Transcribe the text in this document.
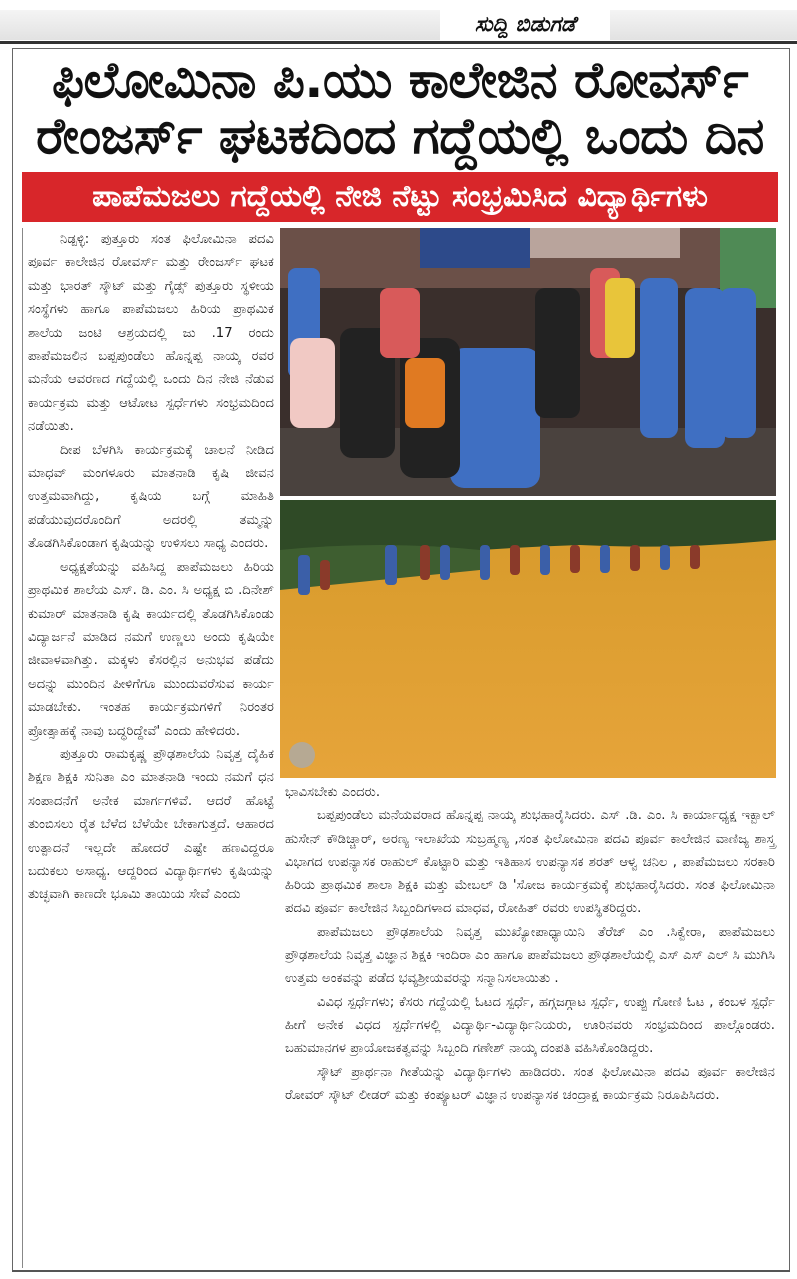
ಸುದ್ದಿ ಬಿಡುಗಡೆ
ಫಿಲೋಮಿನಾ ಪಿ.ಯು ಕಾಲೇಜಿನ ರೋವರ್ಸ್
ರೇಂಜರ್ಸ್ ಘಟಕದಿಂದ ಗದ್ದೆಯಲ್ಲಿ ಒಂದು ದಿನ
ಪಾಪೆಮಜಲು ಗದ್ದೆಯಲ್ಲಿ ನೇಜಿ ನೆಟ್ಟು ಸಂಭ್ರಮಿಸಿದ ವಿದ್ಯಾರ್ಥಿಗಳು

ನಿಡ್ಪಳ್ಳಿ: ಪುತ್ತೂರು ಸಂತ ಫಿಲೋಮಿನಾ ಪದವಿ ಪೂರ್ವ ಕಾಲೇಜಿನ ರೋವರ್ಸ್ ಮತ್ತು ರೇಂಜರ್ಸ್ ಘಟಕ ಮತ್ತು ಭಾರತ್ ಸ್ಕೌಟ್ ಮತ್ತು ಗೈಡ್ಸ್ ಪುತ್ತೂರು ಸ್ಥಳೀಯ ಸಂಸ್ಥೆಗಳು ಹಾಗೂ ಪಾಪೆಮಜಲು ಹಿರಿಯ ಪ್ರಾಥಮಿಕ ಶಾಲೆಯ ಜಂಟಿ ಆಶ್ರಯದಲ್ಲಿ ಜು .17 ರಂದು ಪಾಪೆಮಜಲಿನ ಬಪ್ಪಪುಂಡೆಲು ಹೊನ್ನಪ್ಪ ನಾಯ್ಕ ರವರ ಮನೆಯ ಆವರಣದ ಗದ್ದೆಯಲ್ಲಿ ಒಂದು ದಿನ ನೇಜಿ ನೆಡುವ ಕಾರ್ಯಕ್ರಮ ಮತ್ತು ಆಟೋಟ ಸ್ಪರ್ಧೆಗಳು ಸಂಭ್ರಮದಿಂದ ನಡೆಯಿತು.

ದೀಪ ಬೆಳಗಿಸಿ ಕಾರ್ಯಕ್ರಮಕ್ಕೆ ಚಾಲನೆ ನೀಡಿದ ಮಾಧವ್ ಮಂಗಳೂರು ಮಾತನಾಡಿ ಕೃಷಿ ಜೀವನ ಉತ್ತಮವಾಗಿದ್ದು, ಕೃಷಿಯ ಬಗ್ಗೆ ಮಾಹಿತಿ ಪಡೆಯುವುದರೊಂದಿಗೆ ಅದರಲ್ಲಿ ತಮ್ಮನ್ನು ತೊಡಗಿಸಿಕೊಂಡಾಗ ಕೃಷಿಯನ್ನು ಉಳಿಸಲು ಸಾಧ್ಯ ಎಂದರು.

ಅಧ್ಯಕ್ಷತೆಯನ್ನು ವಹಿಸಿದ್ದ ಪಾಪೆಮಜಲು ಹಿರಿಯ ಪ್ರಾಥಮಿಕ ಶಾಲೆಯ ಎಸ್. ಡಿ. ಎಂ. ಸಿ ಅಧ್ಯಕ್ಷ ಬಿ .ದಿನೇಶ್ ಕುಮಾರ್ ಮಾತನಾಡಿ ಕೃಷಿ ಕಾರ್ಯದಲ್ಲಿ ತೊಡಗಿಸಿಕೊಂಡು ವಿದ್ಯಾರ್ಜನೆ ಮಾಡಿದ ನಮಗೆ ಉಣ್ಣಲು ಅಂದು ಕೃಷಿಯೇ ಜೀವಾಳವಾಗಿತ್ತು. ಮಕ್ಕಳು ಕೆಸರಲ್ಲಿನ ಅನುಭವ ಪಡೆದು ಅದನ್ನು ಮುಂದಿನ ಪೀಳಿಗೆಗೂ ಮುಂದುವರೆಸುವ ಕಾರ್ಯ ಮಾಡಬೇಕು. ಇಂತಹ ಕಾರ್ಯಕ್ರಮಗಳಿಗೆ ನಿರಂತರ ಪ್ರೋತ್ಸಾಹಕ್ಕೆ ನಾವು ಬದ್ಧರಿದ್ದೇವೆ' ಎಂದು ಹೇಳಿದರು.

ಪುತ್ತೂರು ರಾಮಕೃಷ್ಣ ಪ್ರೌಢಶಾಲೆಯ ನಿವೃತ್ತ ದೈಹಿಕ ಶಿಕ್ಷಣ ಶಿಕ್ಷಕಿ ಸುನಿತಾ ಎಂ ಮಾತನಾಡಿ ಇಂದು ನಮಗೆ ಧನ ಸಂಪಾದನೆಗೆ ಅನೇಕ ಮಾರ್ಗಗಳಿವೆ. ಆದರೆ ಹೊಟ್ಟೆ ತುಂಬಿಸಲು ರೈತ ಬೆಳೆದ ಬೆಳೆಯೇ ಬೇಕಾಗುತ್ತದೆ. ಆಹಾರದ ಉತ್ಪಾದನೆ ಇಲ್ಲದೇ ಹೋದರೆ ಎಷ್ಟೇ ಹಣವಿದ್ದರೂ ಬದುಕಲು ಅಸಾಧ್ಯ. ಆದ್ದರಿಂದ ವಿದ್ಯಾರ್ಥಿಗಳು ಕೃಷಿಯನ್ನು ತುಚ್ಛವಾಗಿ ಕಾಣದೇ ಭೂಮಿ ತಾಯಿಯ ಸೇವೆ ಎಂದು

ಭಾವಿಸಬೇಕು ಎಂದರು.

ಬಪ್ಪಪುಂಡೆಲು ಮನೆಯವರಾದ ಹೊನ್ನಪ್ಪ ನಾಯ್ಕ ಶುಭಹಾರೈಸಿದರು. ಎಸ್ .ಡಿ. ಎಂ. ಸಿ ಕಾರ್ಯಾಧ್ಯಕ್ಷ ಇಕ್ಬಾಲ್ ಹುಸೇನ್ ಕೌಡಿಚ್ಚಾರ್, ಅರಣ್ಯ ಇಲಾಖೆಯ ಸುಬ್ರಹ್ಮಣ್ಯ ,ಸಂತ ಫಿಲೋಮಿನಾ ಪದವಿ ಪೂರ್ವ ಕಾಲೇಜಿನ ವಾಣಿಜ್ಯ ಶಾಸ್ತ್ರ ವಿಭಾಗದ ಉಪನ್ಯಾಸಕ ರಾಹುಲ್ ಕೊಟ್ಟಾರಿ ಮತ್ತು ಇತಿಹಾಸ ಉಪನ್ಯಾಸಕ ಶರತ್ ಆಳ್ವ ಚನಿಲ , ಪಾಪೆಮಜಲು ಸರಕಾರಿ ಹಿರಿಯ ಪ್ರಾಥಮಿಕ ಶಾಲಾ ಶಿಕ್ಷಕಿ ಮತ್ತು ಮೇಬಲ್ ಡಿ 'ಸೋಜ ಕಾರ್ಯಕ್ರಮಕ್ಕೆ ಶುಭಹಾರೈಸಿದರು. ಸಂತ ಫಿಲೋಮಿನಾ ಪದವಿ ಪೂರ್ವ ಕಾಲೇಜಿನ ಸಿಬ್ಬಂದಿಗಳಾದ ಮಾಧವ, ರೋಹಿತ್ ರವರು ಉಪಸ್ಥಿತರಿದ್ದರು.

ಪಾಪೆಮಜಲು ಪ್ರೌಢಶಾಲೆಯ ನಿವೃತ್ತ ಮುಖ್ಯೋಪಾಧ್ಯಾಯಿನಿ ತೆರೆಜ್ ಎಂ .ಸಿಕ್ವೇರಾ, ಪಾಪೆಮಜಲು ಪ್ರೌಢಶಾಲೆಯ ನಿವೃತ್ತ ವಿಜ್ಞಾನ ಶಿಕ್ಷಕಿ ಇಂದಿರಾ ಎಂ ಹಾಗೂ ಪಾಪೆಮಜಲು ಪ್ರೌಢಶಾಲೆಯಲ್ಲಿ ಎಸ್ ಎಸ್ ಎಲ್ ಸಿ ಮುಗಿಸಿ ಉತ್ತಮ ಅಂಕವನ್ನು ಪಡೆದ ಭವ್ಯಶ್ರೀಯವರನ್ನು ಸನ್ಮಾನಿಸಲಾಯಿತು .

ವಿವಿಧ ಸ್ಪರ್ಧೆಗಳು; ಕೆಸರು ಗದ್ದೆಯಲ್ಲಿ ಓಟದ ಸ್ಪರ್ಧೆ, ಹಗ್ಗಜಗ್ಗಾಟ ಸ್ಪರ್ಧೆ, ಉಪ್ಪು ಗೋಣಿ ಓಟ , ಕಂಬಳ ಸ್ಪರ್ಧೆ ಹೀಗೆ ಅನೇಕ ವಿಧದ ಸ್ಪರ್ಧೆಗಳಲ್ಲಿ ವಿದ್ಯಾರ್ಥಿ-ವಿದ್ಯಾರ್ಥಿನಿಯರು, ಊರಿನವರು ಸಂಭ್ರಮದಿಂದ ಪಾಲ್ಗೊಂಡರು. ಬಹುಮಾನಗಳ ಪ್ರಾಯೋಜಕತ್ವವನ್ನು ಸಿಬ್ಬಂದಿ ಗಣೇಶ್ ನಾಯ್ಕ ದಂಪತಿ ವಹಿಸಿಕೊಂಡಿದ್ದರು.

ಸ್ಕೌಟ್ ಪ್ರಾರ್ಥನಾ ಗೀತೆಯನ್ನು ವಿದ್ಯಾರ್ಥಿಗಳು ಹಾಡಿದರು. ಸಂತ ಫಿಲೋಮಿನಾ ಪದವಿ ಪೂರ್ವ ಕಾಲೇಜಿನ ರೋವರ್ ಸ್ಕೌಟ್ ಲೀಡರ್ ಮತ್ತು ಕಂಪ್ಯೂಟರ್ ವಿಜ್ಞಾನ ಉಪನ್ಯಾಸಕ ಚಂದ್ರಾಕ್ಷ ಕಾರ್ಯಕ್ರಮ ನಿರೂಪಿಸಿದರು.
